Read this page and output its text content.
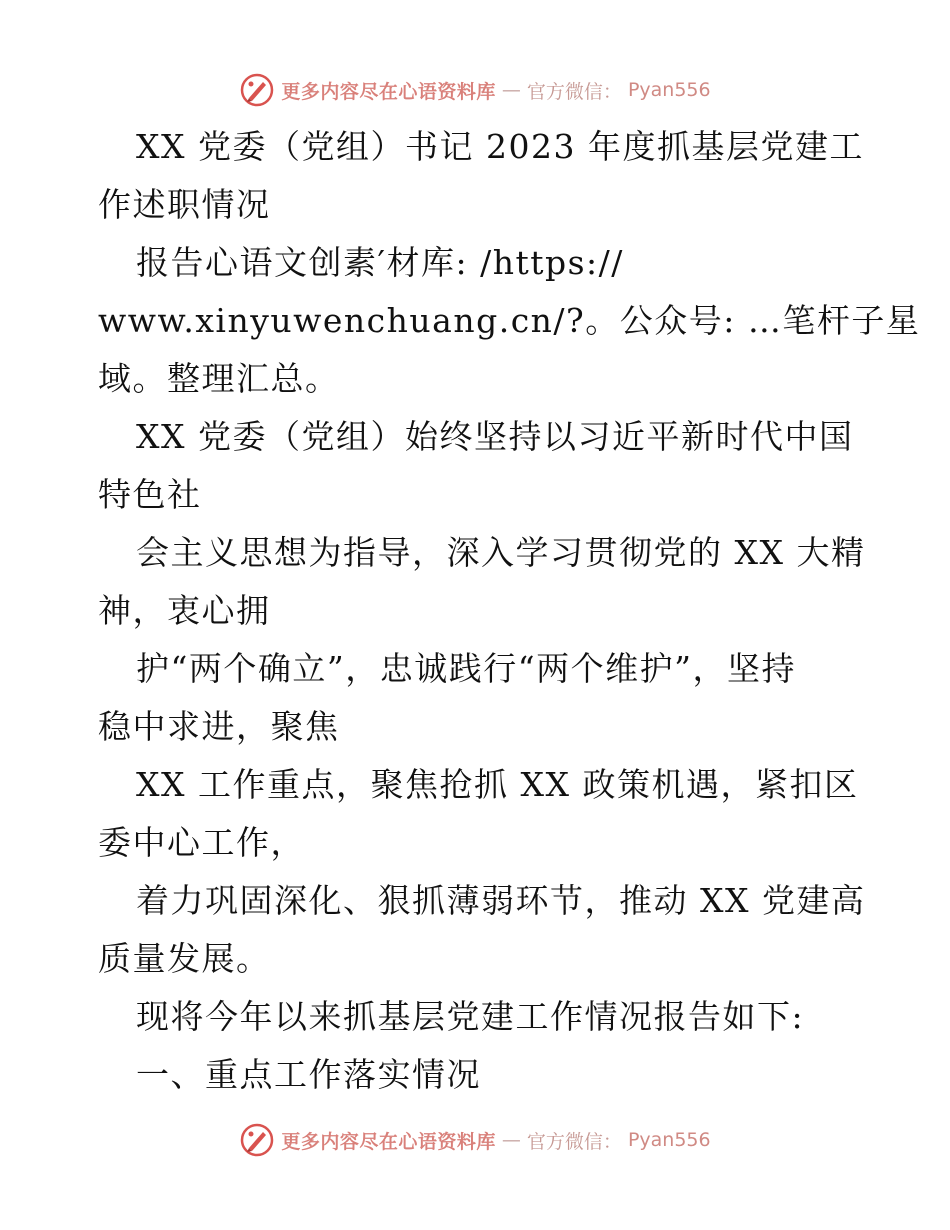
更多内容尽在心语资料库 — 官方微信： Pyan556
XX 党委（党组）书记 2023 年度抓基层党建工
作述职情况
报告心语文创素′材库: /https://
www.xinyuwenchuang.cn/?。公众号: …笔杆子星
域。整理汇总。
XX 党委（党组）始终坚持以习近平新时代中国
特色社
会主义思想为指导，深入学习贯彻党的 XX 大精
神，衷心拥
护“两个确立”，忠诚践行“两个维护”，坚持
稳中求进，聚焦
XX 工作重点，聚焦抢抓 XX 政策机遇，紧扣区
委中心工作，
着力巩固深化、狠抓薄弱环节，推动 XX 党建高
质量发展。
现将今年以来抓基层党建工作情况报告如下:
一、重点工作落实情况
更多内容尽在心语资料库 — 官方微信： Pyan556
